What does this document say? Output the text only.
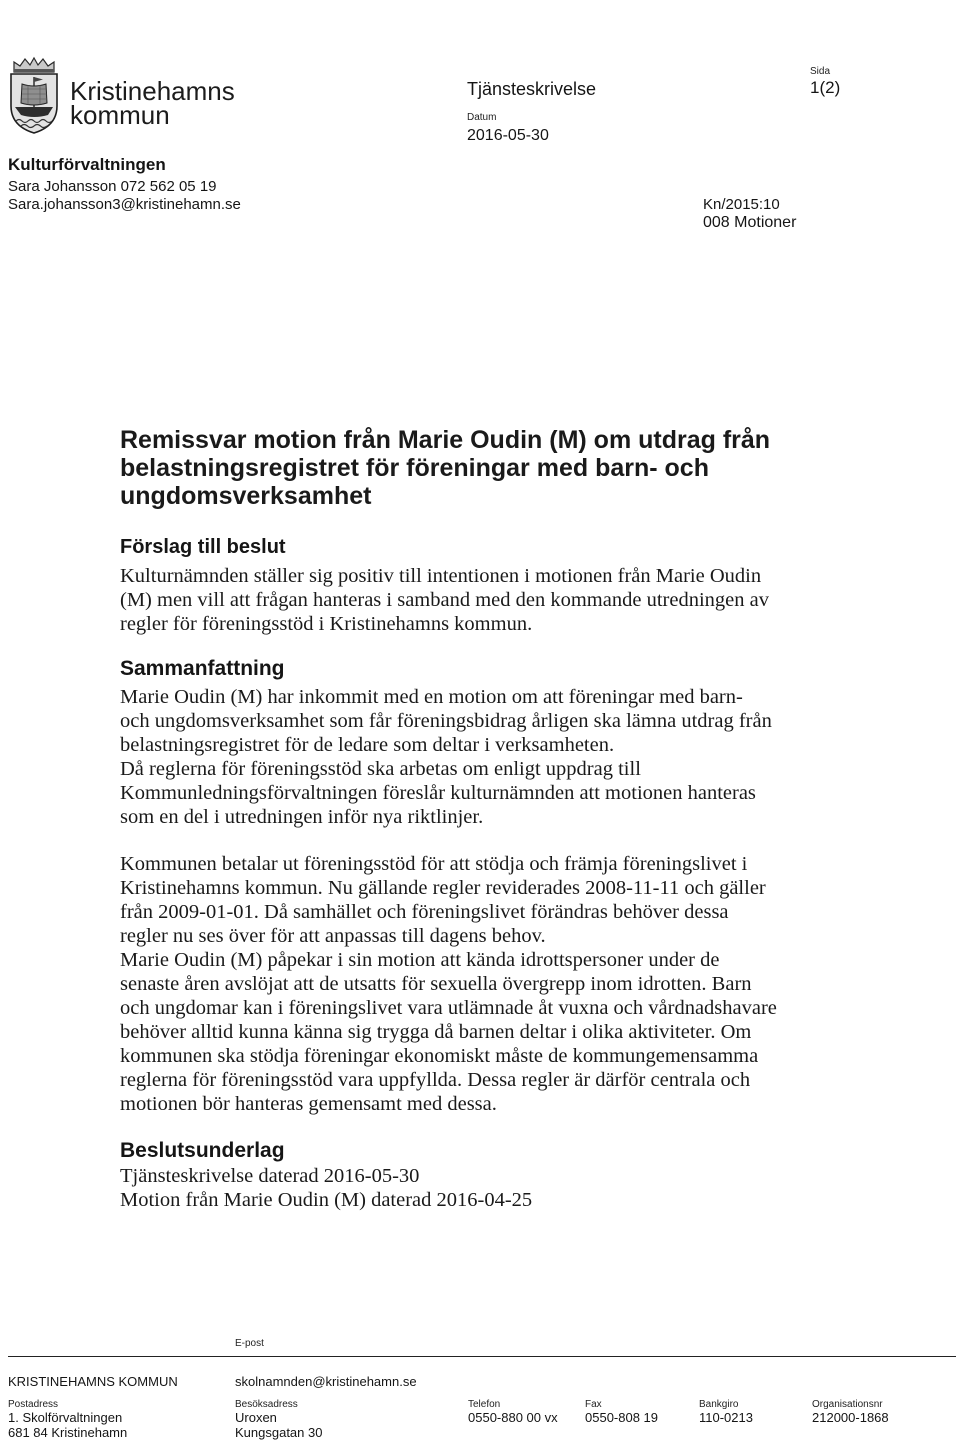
Kristinehamns
kommun
Tjänsteskrivelse
Datum
2016-05-30
Sida
1(2)
Kulturförvaltningen
Sara Johansson 072 562 05 19
Sara.johansson3@kristinehamn.se	Kn/2015:10
008 Motioner
Remissvar motion från Marie Oudin (M) om utdrag från
belastningsregistret för föreningar med barn- och
ungdomsverksamhet
Förslag till beslut
Kulturnämnden ställer sig positiv till intentionen i motionen från Marie Oudin
(M) men vill att frågan hanteras i samband med den kommande utredningen av
regler för föreningsstöd i Kristinehamns kommun.
Sammanfattning
Marie Oudin (M) har inkommit med en motion om att föreningar med barn-
och ungdomsverksamhet som får föreningsbidrag årligen ska lämna utdrag från
belastningsregistret för de ledare som deltar i verksamheten.
Då reglerna för föreningsstöd ska arbetas om enligt uppdrag till
Kommunledningsförvaltningen föreslår kulturnämnden att motionen hanteras
som en del i utredningen inför nya riktlinjer.
Kommunen betalar ut föreningsstöd för att stödja och främja föreningslivet i
Kristinehamns kommun. Nu gällande regler reviderades 2008-11-11 och gäller
från 2009-01-01. Då samhället och föreningslivet förändras behöver dessa
regler nu ses över för att anpassas till dagens behov.
Marie Oudin (M) påpekar i sin motion att kända idrottspersoner under de
senaste åren avslöjat att de utsatts för sexuella övergrepp inom idrotten. Barn
och ungdomar kan i föreningslivet vara utlämnade åt vuxna och vårdnadshavare
behöver alltid kunna känna sig trygga då barnen deltar i olika aktiviteter. Om
kommunen ska stödja föreningar ekonomiskt måste de kommungemensamma
reglerna för föreningsstöd vara uppfyllda. Dessa regler är därför centrala och
motionen bör hanteras gemensamt med dessa.
Beslutsunderlag
Tjänsteskrivelse daterad 2016-05-30
Motion från Marie Oudin (M) daterad 2016-04-25
E-post
KRISTINEHAMNS KOMMUN	skolnamnden@kristinehamn.se
Postadress
1. Skolförvaltningen
681 84 Kristinehamn
Besöksadress
Uroxen
Kungsgatan 30
Telefon
0550-880 00 vx
Fax
0550-808 19
Bankgiro
110-0213
Organisationsnr
212000-1868
